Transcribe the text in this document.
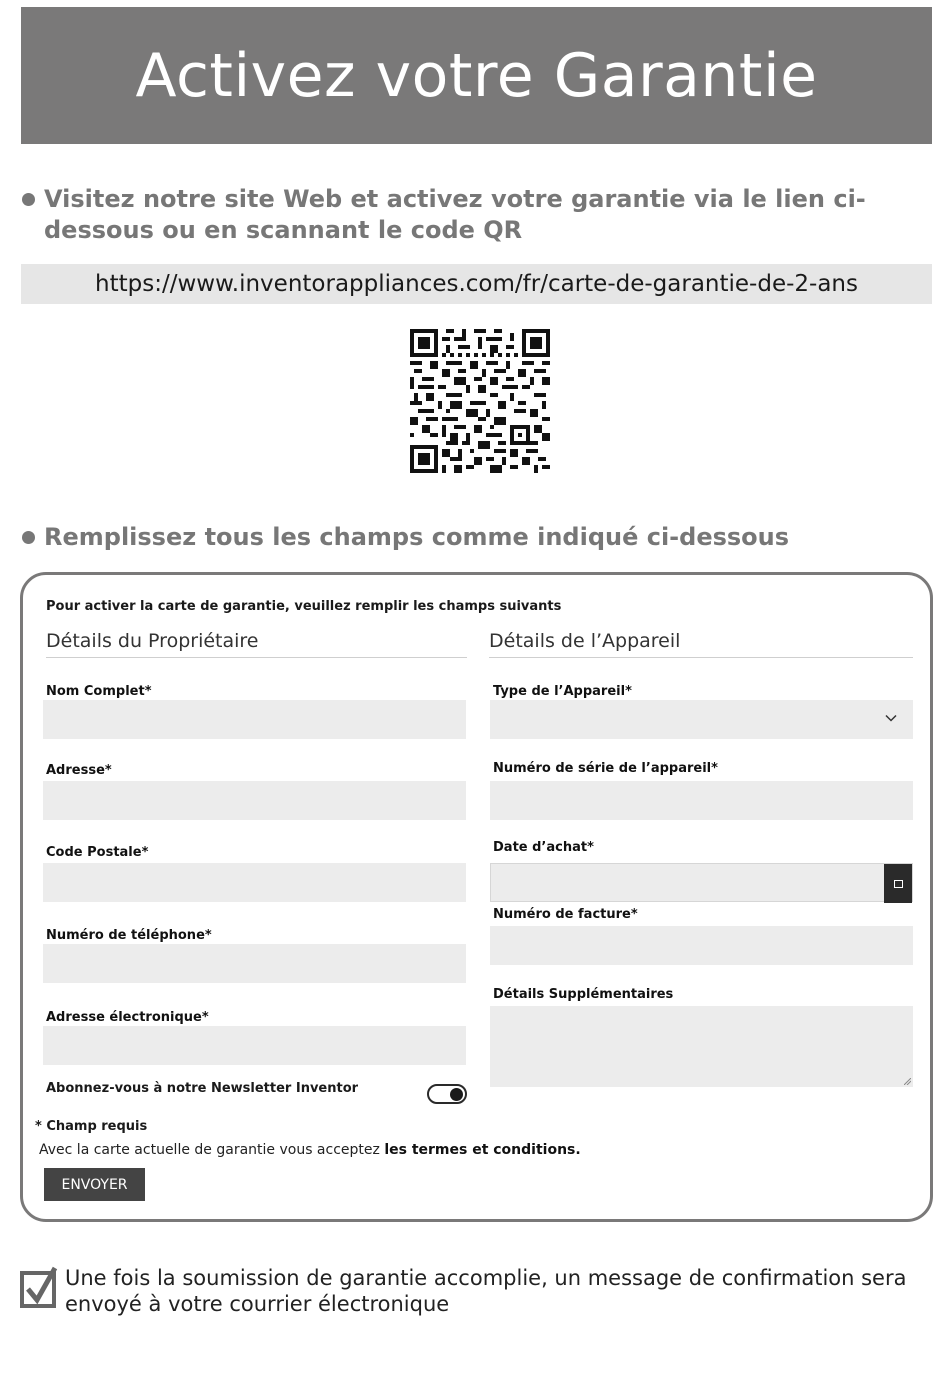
Activez votre Garantie
Visitez notre site Web et activez votre garantie via le lien ci-dessous ou en scannant le code QR
https://www.inventorappliances.com/fr/carte-de-garantie-de-2-ans
Remplissez tous les champs comme indiqué ci-dessous
Pour activer la carte de garantie, veuillez remplir les champs suivants
Détails du Propriétaire	Détails de l’Appareil
Nom Complet*
Adresse*
Code Postale*
Numéro de téléphone*
Adresse électronique*
Type de l’Appareil*
Numéro de série de l’appareil*
Date d’achat*
Numéro de facture*
Détails Supplémentaires
Abonnez-vous à notre Newsletter Inventor
* Champ requis
Avec la carte actuelle de garantie vous acceptez les termes et conditions.
ENVOYER
Une fois la soumission de garantie accomplie, un message de confirmation sera envoyé à votre courrier électronique
